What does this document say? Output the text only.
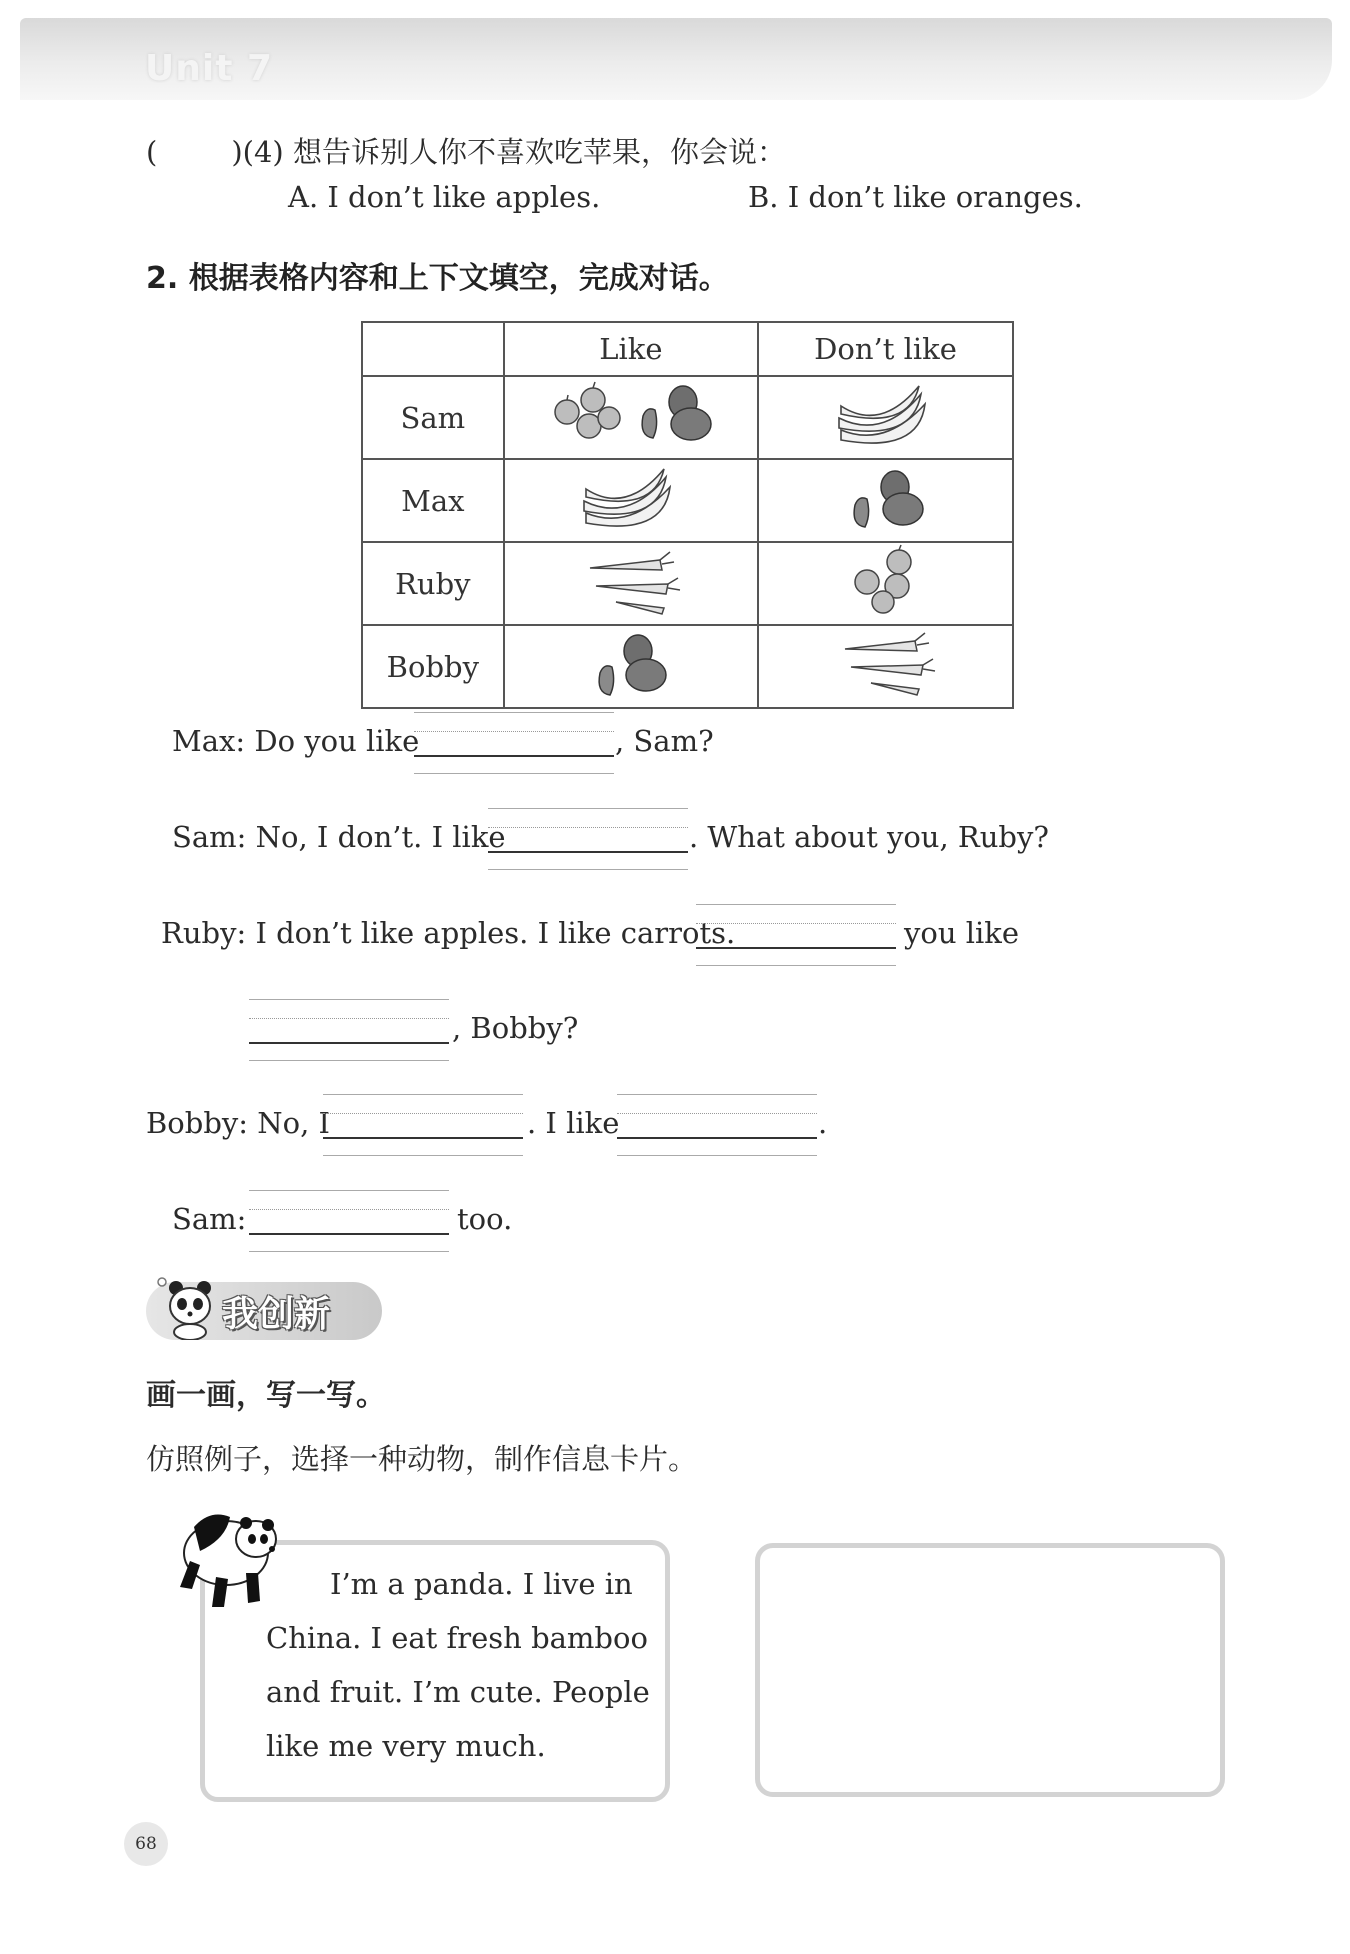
Unit 7
(	)(4) 想告诉别人你不喜欢吃苹果，你会说：
A. I don’t like apples.	B. I don’t like oranges.
2. 根据表格内容和上下文填空，完成对话。
	Like	Don’t like
Sam		
Max		
Ruby		
Bobby		
Max: Do you like	, Sam?
Sam: No, I don’t. I like	. What about you, Ruby?
Ruby: I don’t like apples. I like carrots.	you like
, Bobby?
Bobby: No, I	. I like	.
Sam:	too.
我创新
画一画，写一写。
仿照例子，选择一种动物，制作信息卡片。
I’m a panda. I live in
China. I eat fresh bamboo
and fruit. I’m cute. People
like me very much.
68
